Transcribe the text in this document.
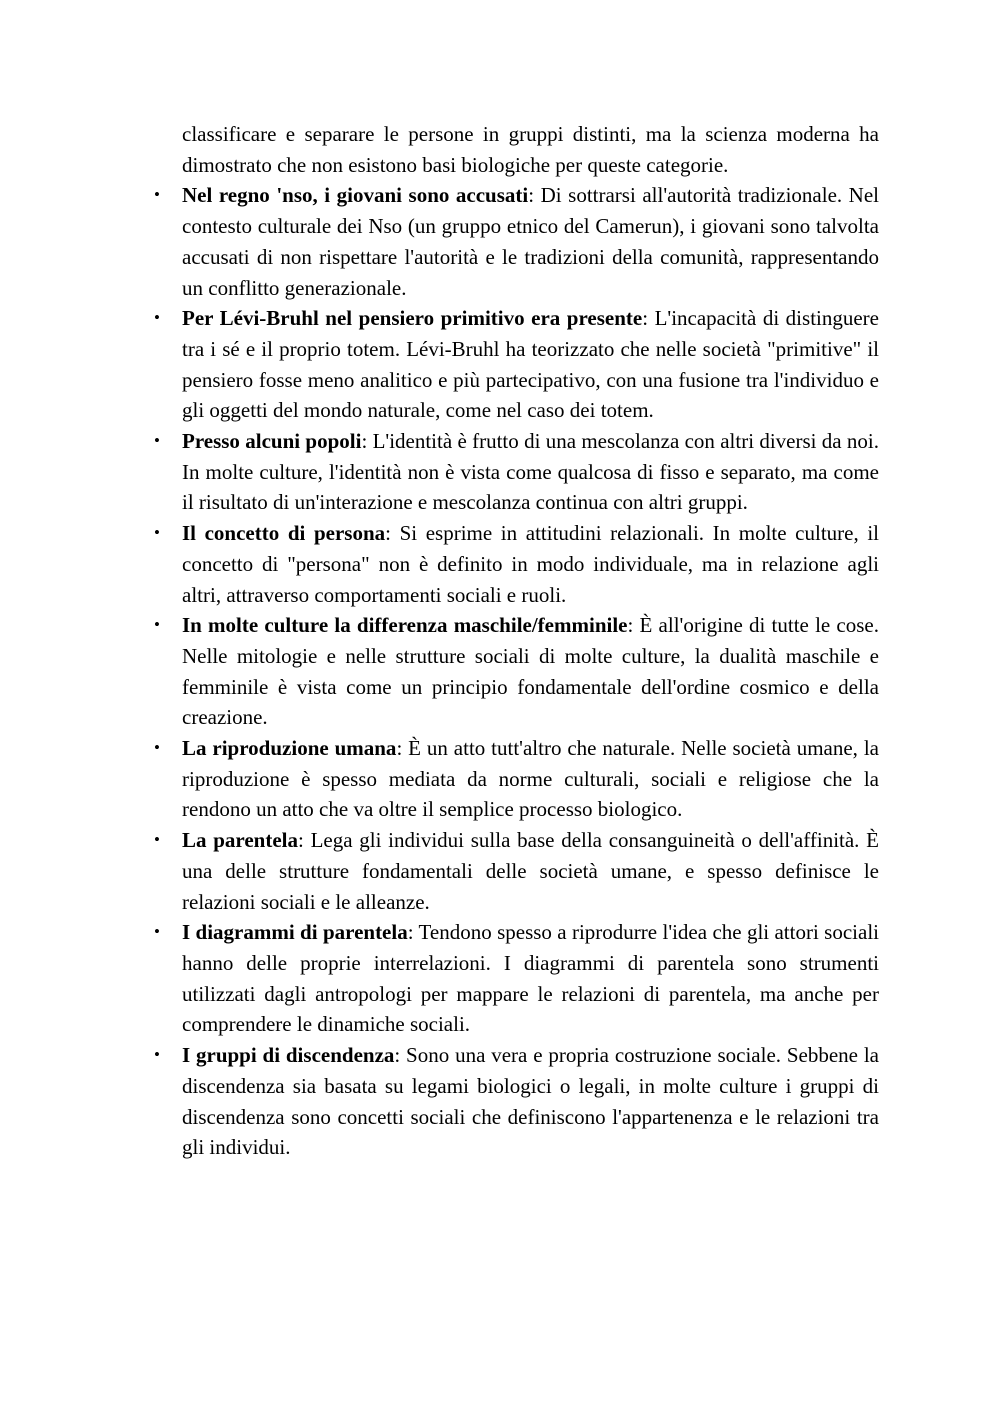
classificare e separare le persone in gruppi distinti, ma la scienza moderna ha dimostrato che non esistono basi biologiche per queste categorie.

• Nel regno 'nso, i giovani sono accusati: Di sottrarsi all'autorità tradizionale. Nel contesto culturale dei Nso (un gruppo etnico del Camerun), i giovani sono talvolta accusati di non rispettare l'autorità e le tradizioni della comunità, rappresentando un conflitto generazionale.
• Per Lévi-Bruhl nel pensiero primitivo era presente: L'incapacità di distinguere tra i sé e il proprio totem. Lévi-Bruhl ha teorizzato che nelle società "primitive" il pensiero fosse meno analitico e più partecipativo, con una fusione tra l'individuo e gli oggetti del mondo naturale, come nel caso dei totem.
• Presso alcuni popoli: L'identità è frutto di una mescolanza con altri diversi da noi. In molte culture, l'identità non è vista come qualcosa di fisso e separato, ma come il risultato di un'interazione e mescolanza continua con altri gruppi.
• Il concetto di persona: Si esprime in attitudini relazionali. In molte culture, il concetto di "persona" non è definito in modo individuale, ma in relazione agli altri, attraverso comportamenti sociali e ruoli.
• In molte culture la differenza maschile/femminile: È all'origine di tutte le cose. Nelle mitologie e nelle strutture sociali di molte culture, la dualità maschile e femminile è vista come un principio fondamentale dell'ordine cosmico e della creazione.
• La riproduzione umana: È un atto tutt'altro che naturale. Nelle società umane, la riproduzione è spesso mediata da norme culturali, sociali e religiose che la rendono un atto che va oltre il semplice processo biologico.
• La parentela: Lega gli individui sulla base della consanguineità o dell'affinità. È una delle strutture fondamentali delle società umane, e spesso definisce le relazioni sociali e le alleanze.
• I diagrammi di parentela: Tendono spesso a riprodurre l'idea che gli attori sociali hanno delle proprie interrelazioni. I diagrammi di parentela sono strumenti utilizzati dagli antropologi per mappare le relazioni di parentela, ma anche per comprendere le dinamiche sociali.
• I gruppi di discendenza: Sono una vera e propria costruzione sociale. Sebbene la discendenza sia basata su legami biologici o legali, in molte culture i gruppi di discendenza sono concetti sociali che definiscono l'appartenenza e le relazioni tra gli individui.
